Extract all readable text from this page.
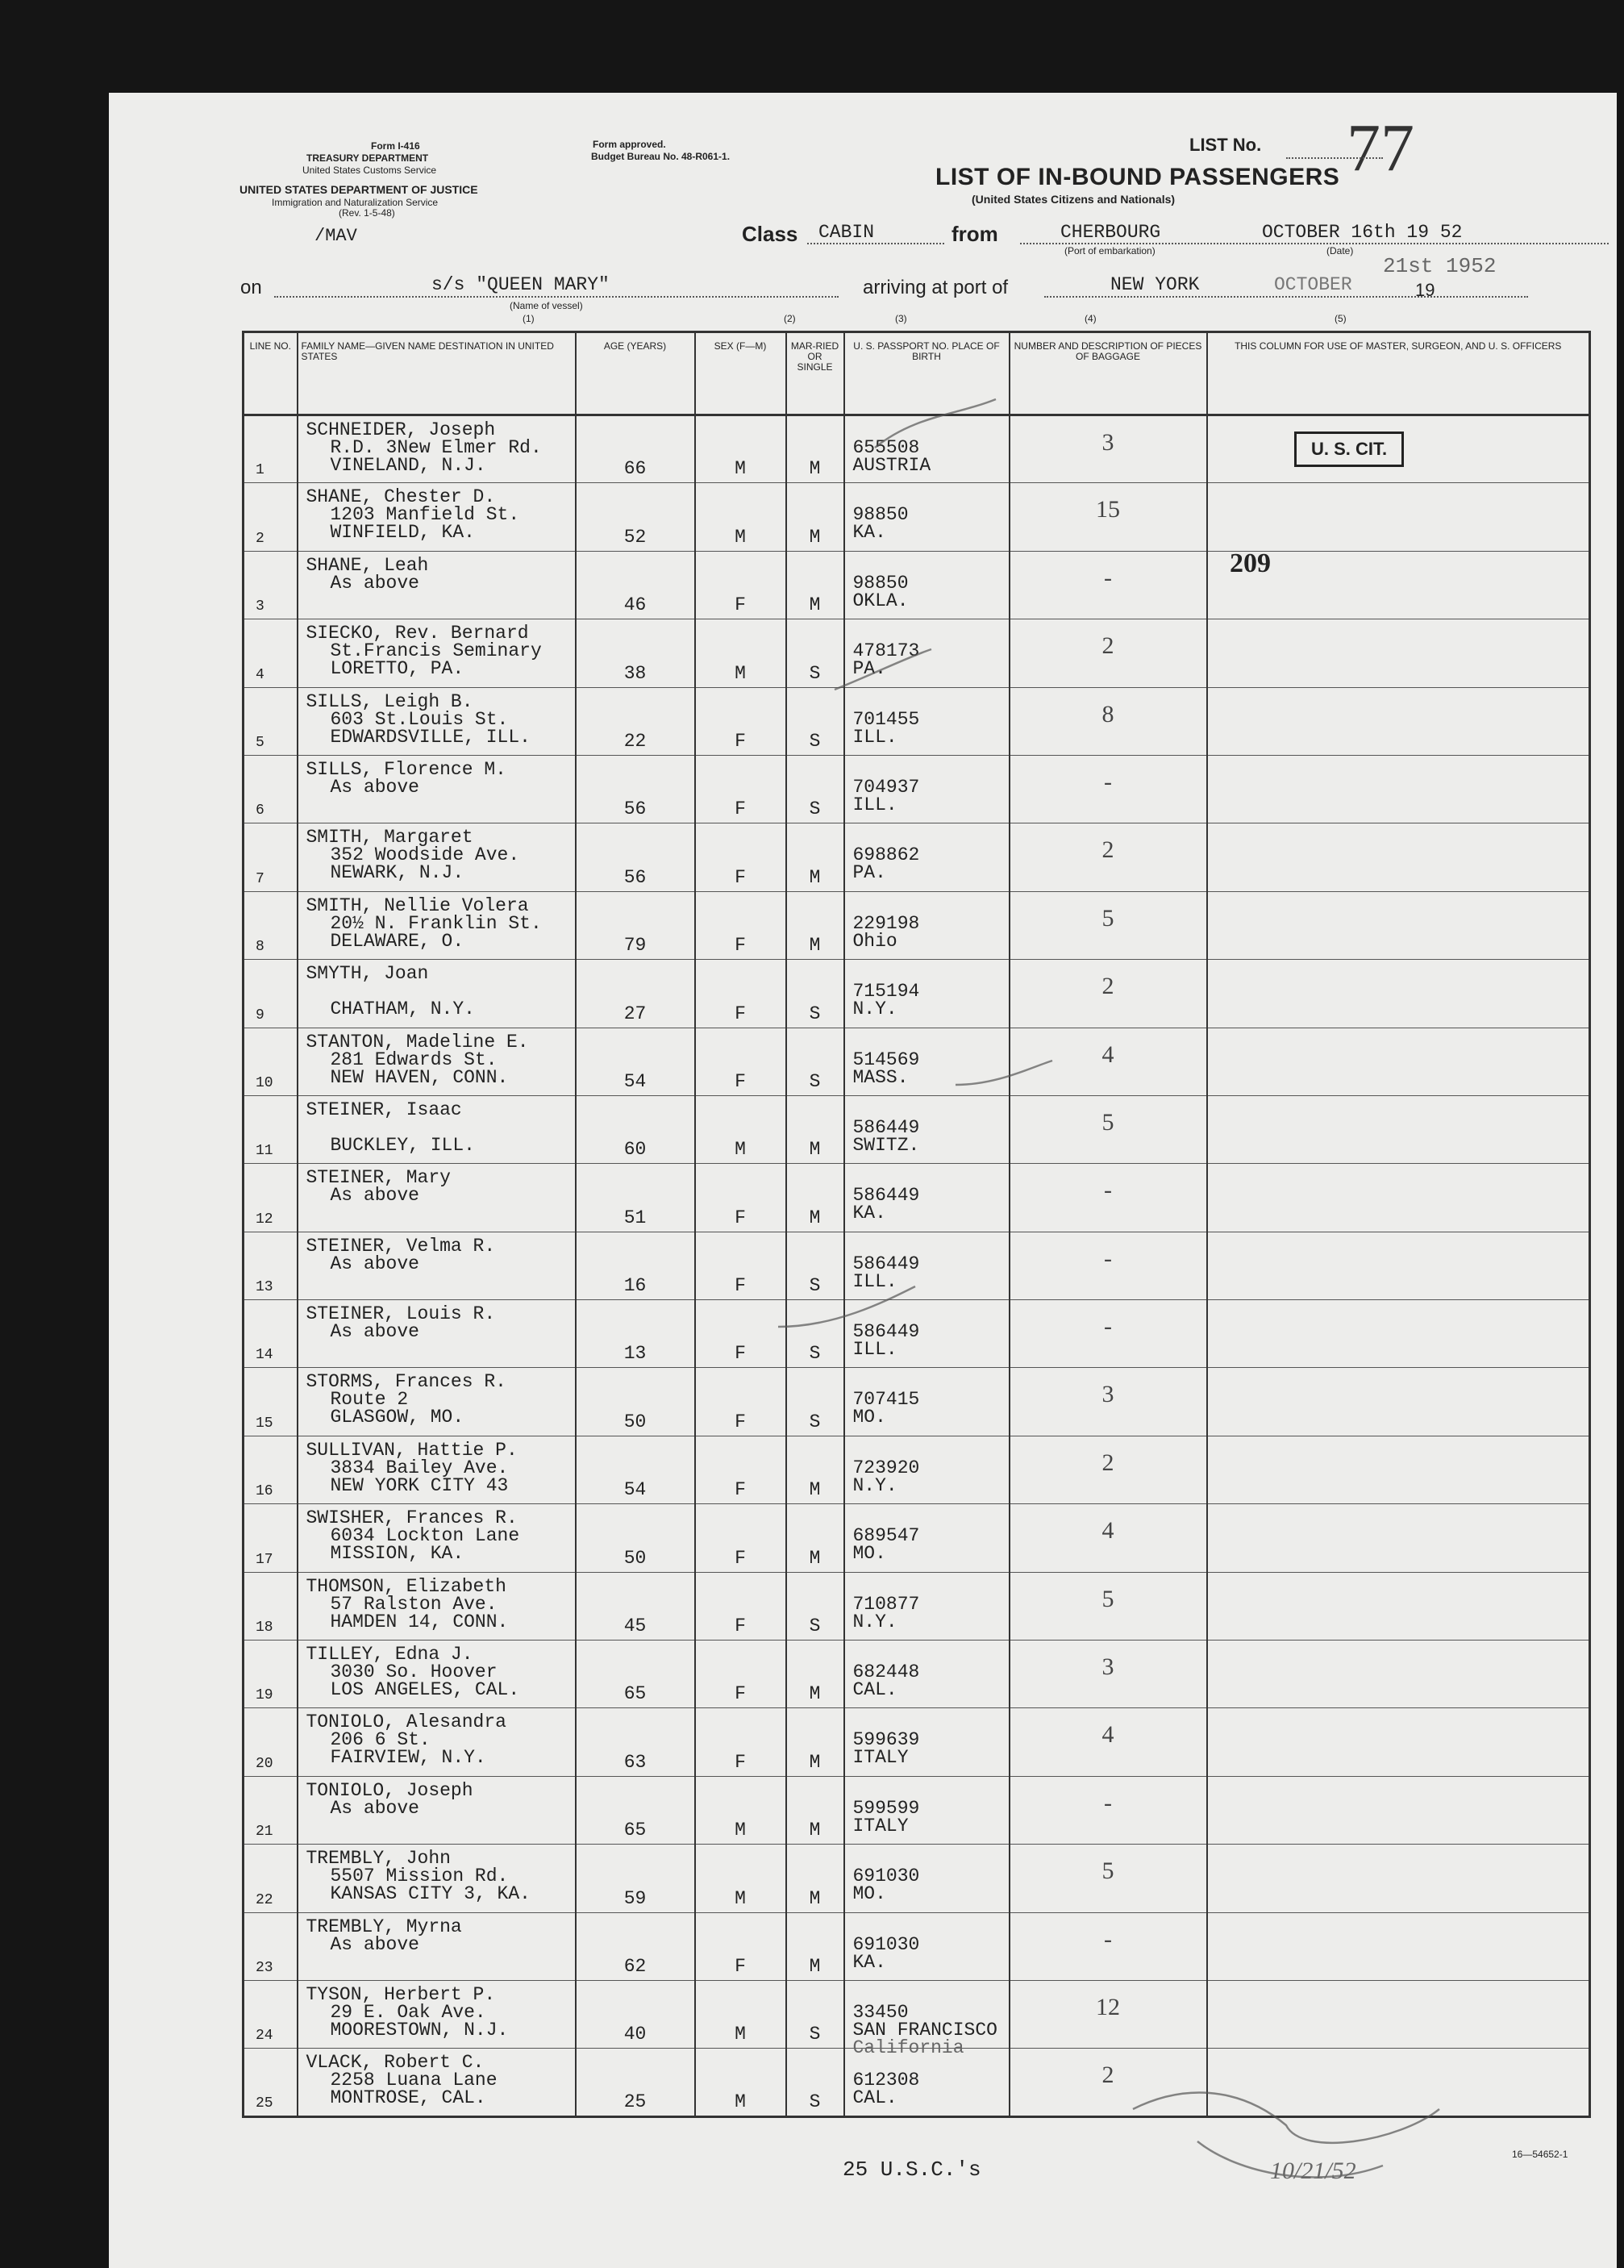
Form I-416
TREASURY DEPARTMENT
United States Customs Service
UNITED STATES DEPARTMENT OF JUSTICE
Immigration and Naturalization Service
(Rev. 1-5-48)
/MAV
Form approved.
Budget Bureau No. 48-R061-1.
LIST No. 77
LIST OF IN-BOUND PASSENGERS
(United States Citizens and Nationals)
Class CABIN	from	CHERBOURG
(Port of embarkation)
OCTOBER 16th 19 52
(Date)
on	s/s "QUEEN MARY"
(Name of vessel)
arriving at port of	NEW YORK	OCTOBER
21st 1952
19
(1)	(2)	(3)	(4)	(5)
LINE NO.	FAMILY NAME—GIVEN NAME DESTINATION IN UNITED STATES	AGE (YEARS)	SEX (F—M)	MAR-RIED OR SINGLE	U. S. PASSPORT NO. PLACE OF BIRTH	NUMBER AND DESCRIPTION OF PIECES OF BAGGAGE	THIS COLUMN FOR USE OF MASTER, SURGEON, AND U. S. OFFICERS

1	SCHNEIDER, Joseph
R.D. 3New Elmer Rd.
VINELAND, N.J.	66	M	M	655508
AUSTRIA	3	

2	SHANE, Chester D.
1203 Manfield St.
WINFIELD, KA.	52	M	M	98850
KA.	15	

3	SHANE, Leah
As above	46	F	M	98850
OKLA.	-	

4	SIECKO, Rev. Bernard
St.Francis Seminary
LORETTO, PA.	38	M	S	478173
PA.	2	

5	SILLS, Leigh B.
603 St.Louis St.
EDWARDSVILLE, ILL.	22	F	S	701455
ILL.	8	

6	SILLS, Florence M.
As above	56	F	S	704937
ILL.	-	

7	SMITH, Margaret
352 Woodside Ave.
NEWARK, N.J.	56	F	M	698862
PA.	2	

8	SMITH, Nellie Volera
20½ N. Franklin St.
DELAWARE, O.	79	F	M	229198
Ohio	5	

9	SMYTH, Joan
CHATHAM, N.Y.	27	F	S	715194
N.Y.	2	

10	STANTON, Madeline E.
281 Edwards St.
NEW HAVEN, CONN.	54	F	S	514569
MASS.	4	

11	STEINER, Isaac
BUCKLEY, ILL.	60	M	M	586449
SWITZ.	5	

12	STEINER, Mary
As above	51	F	M	586449
KA.	-	

13	STEINER, Velma R.
As above	16	F	S	586449
ILL.	-	

14	STEINER, Louis R.
As above	13	F	S	586449
ILL.	-	

15	STORMS, Frances R.
Route 2
GLASGOW, MO.	50	F	S	707415
MO.	3	

16	SULLIVAN, Hattie P.
3834 Bailey Ave.
NEW YORK CITY 43	54	F	M	723920
N.Y.	2	

17	SWISHER, Frances R.
6034 Lockton Lane
MISSION, KA.	50	F	M	689547
MO.	4	

18	THOMSON, Elizabeth
57 Ralston Ave.
HAMDEN 14, CONN.	45	F	S	710877
N.Y.	5	

19	TILLEY, Edna J.
3030 So. Hoover
LOS ANGELES, CAL.	65	F	M	682448
CAL.	3	

20	TONIOLO, Alesandra
206 6 St.
FAIRVIEW, N.Y.	63	F	M	599639
ITALY	4	

21	TONIOLO, Joseph
As above	65	M	M	599599
ITALY	-	

22	TREMBLY, John
5507 Mission Rd.
KANSAS CITY 3, KA.	59	M	M	691030
MO.	5	

23	TREMBLY, Myrna
As above	62	F	M	691030
KA.	-	

24	TYSON, Herbert P.
29 E. Oak Ave.
MOORESTOWN, N.J.	40	M	S	33450
SAN FRANCISCO
California	12	

25	VLACK, Robert C.
2258 Luana Lane
MONTROSE, CAL.	25	M	S	612308
CAL.	2	

U. S. CIT.
209
25 U.S.C.'s
16—54652-1
10/21/52
